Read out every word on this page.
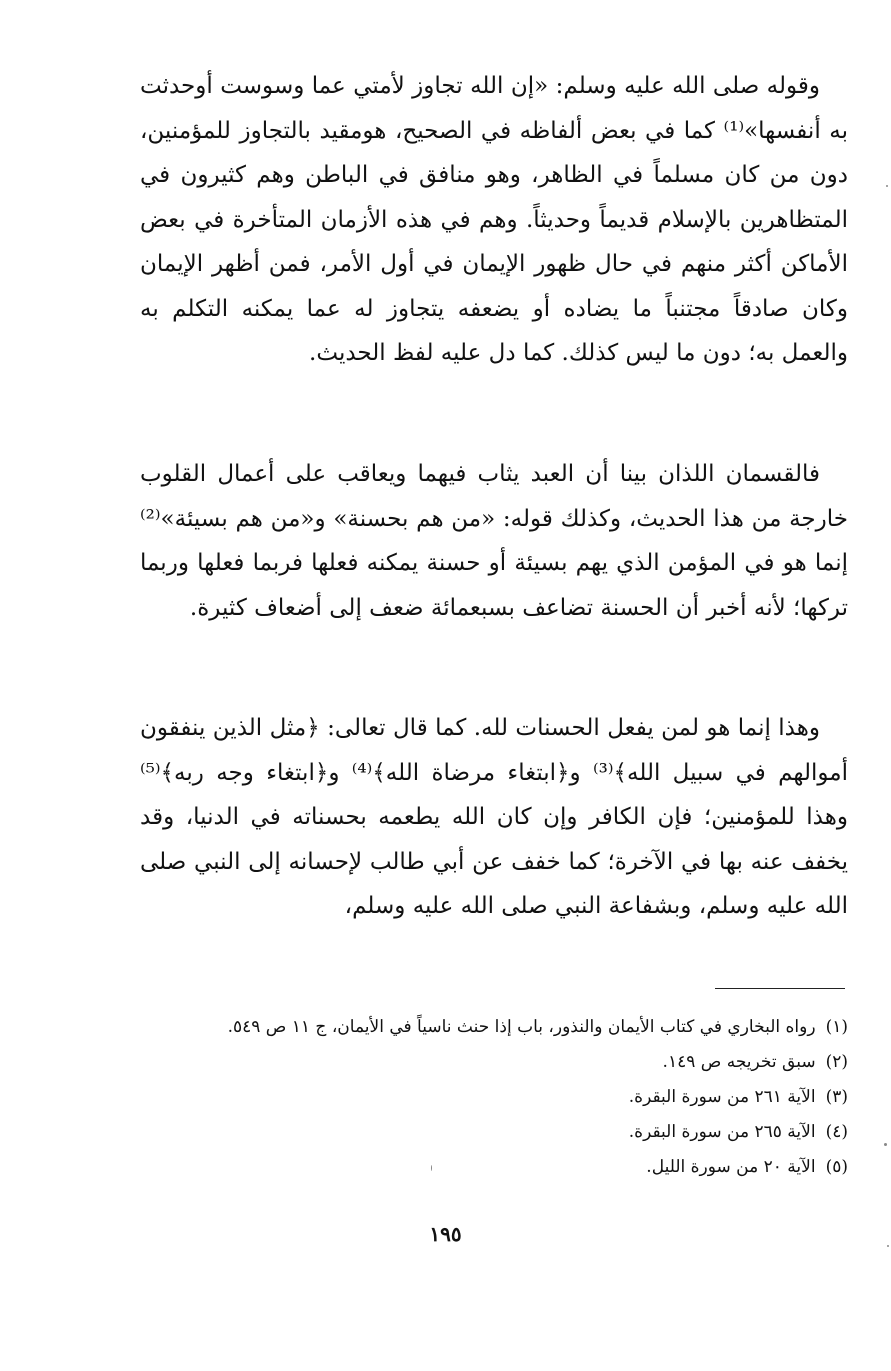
وقوله صلى الله عليه وسلم: «إن الله تجاوز لأمتي عما وسوست أوحدثت به أنفسها»⁽¹⁾ كما في بعض ألفاظه في الصحيح، هومقيد بالتجاوز للمؤمنين، دون من كان مسلماً في الظاهر، وهو منافق في الباطن وهم كثيرون في المتظاهرين بالإسلام قديماً وحديثاً. وهم في هذه الأزمان المتأخرة في بعض الأماكن أكثر منهم في حال ظهور الإيمان في أول الأمر، فمن أظهر الإيمان وكان صادقاً مجتنباً ما يضاده أو يضعفه يتجاوز له عما يمكنه التكلم به والعمل به؛ دون ما ليس كذلك. كما دل عليه لفظ الحديث.

فالقسمان اللذان بينا أن العبد يثاب فيهما ويعاقب على أعمال القلوب خارجة من هذا الحديث، وكذلك قوله: «من هم بحسنة» و«من هم بسيئة»⁽²⁾ إنما هو في المؤمن الذي يهم بسيئة أو حسنة يمكنه فعلها فربما فعلها وربما تركها؛ لأنه أخبر أن الحسنة تضاعف بسبعمائة ضعف إلى أضعاف كثيرة.

وهذا إنما هو لمن يفعل الحسنات لله. كما قال تعالى: ﴿مثل الذين ينفقون أموالهم في سبيل الله﴾⁽³⁾ و﴿ابتغاء مرضاة الله﴾⁽⁴⁾ و﴿ابتغاء وجه ربه﴾⁽⁵⁾ وهذا للمؤمنين؛ فإن الكافر وإن كان الله يطعمه بحسناته في الدنيا، وقد يخفف عنه بها في الآخرة؛ كما خفف عن أبي طالب لإحسانه إلى النبي صلى الله عليه وسلم، وبشفاعة النبي صلى الله عليه وسلم،

(١)رواه البخاري في كتاب الأيمان والنذور، باب إذا حنث ناسياً في الأيمان، ج ١١ ص ٥٤٩.
(٢)سبق تخريجه ص ١٤٩.
(٣)الآية ٢٦١ من سورة البقرة.
(٤)الآية ٢٦٥ من سورة البقرة.
(٥)الآية ٢٠ من سورة الليل.
١٩٥
